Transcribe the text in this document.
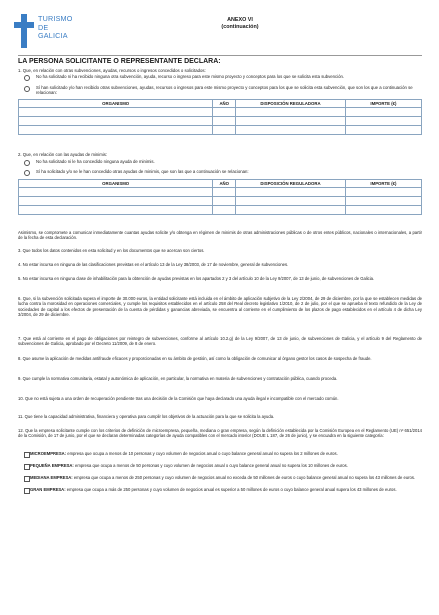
TURISMO
DE
GALICIA
ANEXO VI
(continuación)
LA PERSONA SOLICITANTE O REPRESENTANTE DECLARA:
1. Que, en relación con otras subvenciones, ayudas, recursos o ingresos concedidos o solicitados:
No ha solicitado ni ha recibido ninguna otra subvención, ayuda, recurso o ingreso para este mismo proyecto y conceptos para los que se solicita esta subvención.
Sí han solicitado y/o han recibido otras subvenciones, ayudas, recursos o ingresos para este mismo proyecto y conceptos para los que se solicita esta subvención, que son los que a continuación se relacionan:
ORGANISMO	AÑO	DISPOSICIÓN REGULADORA	IMPORTE (€)

2. Que, en relación con las ayudas de minimis:
No ha solicitado ni le ha concedido ninguna ayuda de minimis.
Sí ha solicitado y/o se le han concedido otras ayudas de minimis, que son las que a continuación se relacionan:
ORGANISMO	AÑO	DISPOSICIÓN REGULADORA	IMPORTE (€)

Asimismo, se compromete a comunicar inmediatamente cuantas ayudas solicite y/o obtenga en régimen de minimis de otras administraciones públicas o de otros entes públicos, nacionales o internacionales, a partir de la fecha de esta declaración.
3. Que todos los datos contenidos en esta solicitud y en los documentos que se acercan son ciertos.
4. No estar incursa en ninguna de las clasificaciones previstas en el artículo 13 de la Ley 38/2003, de 17 de noviembre, general de subvenciones.
5. No estar incursa en ninguna clase de inhabilitación para la obtención de ayudas previstas en los apartados 2 y 3 del artículo 10 de la Ley 9/2007, de 13 de junio, de subvenciones de Galicia.
6. Que, si la subvención solicitada supera el importe de 30.000 euros, la entidad solicitante está incluida en el ámbito de aplicación subjetivo de la Ley 2/2004, de 29 de diciembre, por la que se establecen medidas de lucha contra la morosidad en operaciones comerciales, y cumple los requisitos establecidos en el artículo 258 del Real decreto legislativo 1/2010, de 2 de julio, por el que se aprueba el texto refundido de la Ley de sociedades de capital a los efectos de presentación de la cuenta de pérdidas y ganancias abreviada, se encuentra al corriente en el cumplimiento de los plazos de pago establecidos en el artículo 4 de dicha Ley 3/2004, de 29 de diciembre.
7. Que está al corriente en el pago de obligaciones por reintegro de subvenciones, conforme al artículo 10.2.g) de la Ley 9/2007, de 13 de junio, de subvenciones de Galicia, y el artículo 9 del Reglamento de subvenciones de Galicia, aprobado por el Decreto 11/2009, de 8 de enero.
8. Que asume la aplicación de medidas antifraude eficaces y proporcionadas en su ámbito de gestión, así como la obligación de comunicar al órgano gestor los casos de sospecha de fraude.
9. Que cumple la normativa comunitaria, estatal y autonómica de aplicación, en particular, la normativa en materia de subvenciones y contratación pública, cuando proceda.
10. Que no está sujeta a una orden de recuperación pendiente tras una decisión de la Comisión que haya declarado una ayuda ilegal e incompatible con el mercado común.
11. Que tiene la capacidad administrativa, financiera y operativa para cumplir los objetivos de la actuación para la que se solicita la ayuda.
12. Que la empresa solicitante cumple con los criterios de definición de microempresa, pequeña, mediana o gran empresa, según la definición establecida por la Comisión Europea en el Reglamento (UE) nº 651/2014 de la Comisión, de 17 de junio, por el que se declaran determinadas categorías de ayuda compatibles con el mercado interior (DOUE L 187, de 26 de junio), y se encuadra en la siguiente categoría:
MICROEMPRESA: empresa que ocupa a menos de 10 personas y cuyo volumen de negocios anual o cuyo balance general anual no supera los 2 millones de euros.
PEQUEÑA EMPRESA: empresa que ocupa a menos de 50 personas y cuyo volumen de negocios anual o cuyo balance general anual no supera los 10 millones de euros.
MEDIANA EMPRESA: empresa que ocupa a menos de 250 personas y cuyo volumen de negocios anual no exceda de 50 millones de euros o cuyo balance general anual no supera los 43 millones de euros.
GRAN EMPRESA: empresa que ocupa a más de 250 personas y cuyo volumen de negocios anual es superior a 50 millones de euros o cuyo balance general anual supera los 43 millones de euros.
